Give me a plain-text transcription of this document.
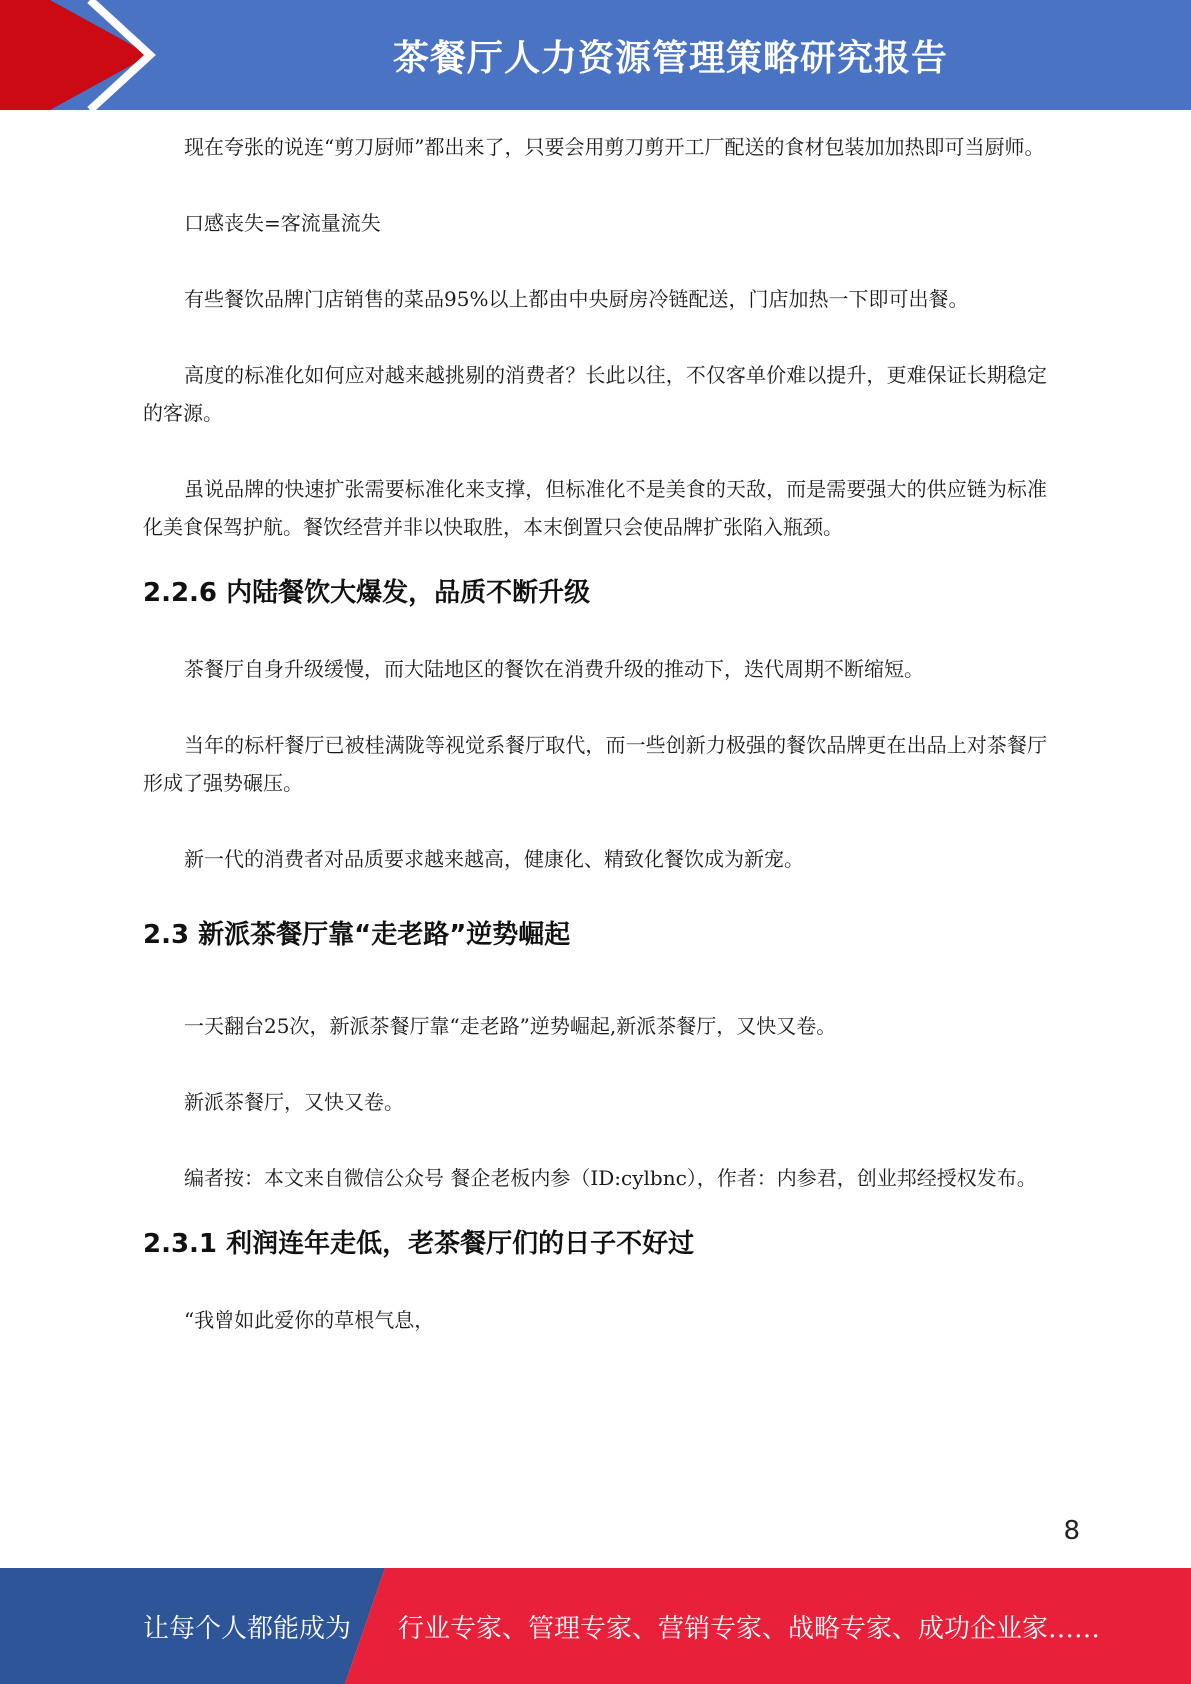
茶餐厅人力资源管理策略研究报告

现在夸张的说连“剪刀厨师”都出来了，只要会用剪刀剪开工厂配送的食材包装加加热即可当厨师。

口感丧失=客流量流失

有些餐饮品牌门店销售的菜品95%以上都由中央厨房冷链配送，门店加热一下即可出餐。

高度的标准化如何应对越来越挑剔的消费者？长此以往，不仅客单价难以提升，更难保证长期稳定的客源。

虽说品牌的快速扩张需要标准化来支撑，但标准化不是美食的天敌，而是需要强大的供应链为标准化美食保驾护航。餐饮经营并非以快取胜，本末倒置只会使品牌扩张陷入瓶颈。

2.2.6 内陆餐饮大爆发，品质不断升级

茶餐厅自身升级缓慢，而大陆地区的餐饮在消费升级的推动下，迭代周期不断缩短。

当年的标杆餐厅已被桂满陇等视觉系餐厅取代，而一些创新力极强的餐饮品牌更在出品上对茶餐厅形成了强势碾压。

新一代的消费者对品质要求越来越高，健康化、精致化餐饮成为新宠。

2.3 新派茶餐厅靠“走老路”逆势崛起

一天翻台25次，新派茶餐厅靠“走老路”逆势崛起,新派茶餐厅，又快又卷。

新派茶餐厅，又快又卷。

编者按：本文来自微信公众号 餐企老板内参（ID:cylbnc），作者：内参君，创业邦经授权发布。

2.3.1 利润连年走低，老茶餐厅们的日子不好过

“我曾如此爱你的草根气息，

8
让每个人都能成为 行业专家、管理专家、营销专家、战略专家、成功企业家……
